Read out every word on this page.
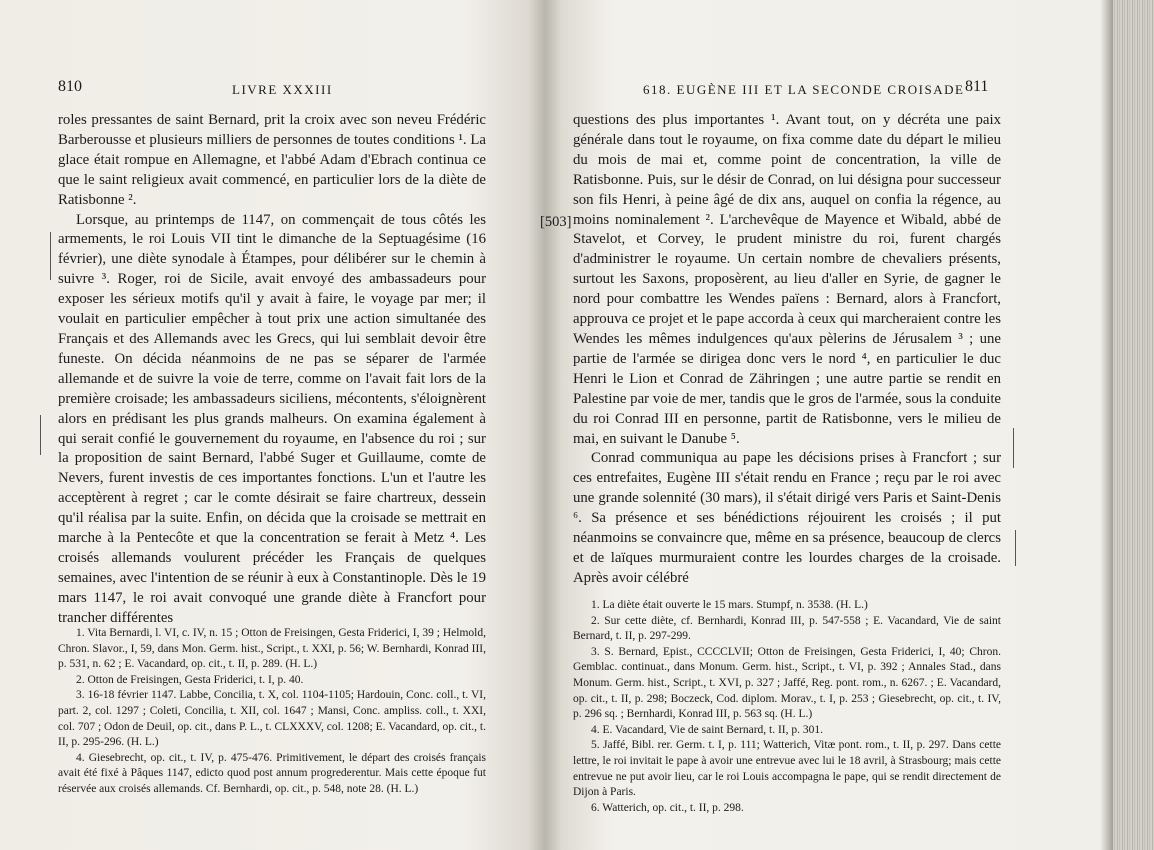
810	LIVRE XXXIII

roles pressantes de saint Bernard, prit la croix avec son neveu Frédéric Barberousse et plusieurs milliers de personnes de toutes conditions ¹. La glace était rompue en Allemagne, et l'abbé Adam d'Ebrach continua ce que le saint religieux avait commencé, en particulier lors de la diète de Ratisbonne ².

Lorsque, au printemps de 1147, on commençait de tous côtés les armements, le roi Louis VII tint le dimanche de la Septuagésime (16 février), une diète synodale à Étampes, pour délibérer sur le chemin à suivre ³. Roger, roi de Sicile, avait envoyé des ambassadeurs pour exposer les sérieux motifs qu'il y avait à faire, le voyage par mer; il voulait en particulier empêcher à tout prix une action simultanée des Français et des Allemands avec les Grecs, qui lui semblait devoir être funeste. On décida néanmoins de ne pas se séparer de l'armée allemande et de suivre la voie de terre, comme on l'avait fait lors de la première croisade; les ambassadeurs siciliens, mécontents, s'éloignèrent alors en prédisant les plus grands malheurs. On examina également à qui serait confié le gouvernement du royaume, en l'absence du roi ; sur la proposition de saint Bernard, l'abbé Suger et Guillaume, comte de Nevers, furent investis de ces importantes fonctions. L'un et l'autre les acceptèrent à regret ; car le comte désirait se faire chartreux, dessein qu'il réalisa par la suite. Enfin, on décida que la croisade se mettrait en marche à la Pentecôte et que la concentration se ferait à Metz ⁴. Les croisés allemands voulurent précéder les Français de quelques semaines, avec l'intention de se réunir à eux à Constantinople. Dès le 19 mars 1147, le roi avait convoqué une grande diète à Francfort pour trancher différentes

1. Vita Bernardi, l. VI, c. IV, n. 15 ; Otton de Freisingen, Gesta Friderici, I, 39 ; Helmold, Chron. Slavor., I, 59, dans Mon. Germ. hist., Script., t. XXI, p. 56; W. Bernhardi, Konrad III, p. 531, n. 62 ; E. Vacandard, op. cit., t. II, p. 289. (H. L.)

2. Otton de Freisingen, Gesta Friderici, t. I, p. 40.

3. 16-18 février 1147. Labbe, Concilia, t. X, col. 1104-1105; Hardouin, Conc. coll., t. VI, part. 2, col. 1297 ; Coleti, Concilia, t. XII, col. 1647 ; Mansi, Conc. ampliss. coll., t. XXI, col. 707 ; Odon de Deuil, op. cit., dans P. L., t. CLXXXV, col. 1208; E. Vacandard, op. cit., t. II, p. 295-296. (H. L.)

4. Giesebrecht, op. cit., t. IV, p. 475-476. Primitivement, le départ des croisés français avait été fixé à Pâques 1147, edicto quod post annum progrederentur. Mais cette époque fut réservée aux croisés allemands. Cf. Bernhardi, op. cit., p. 548, note 28. (H. L.)

618. EUGÈNE III ET LA SECONDE CROISADE 811
[503]

questions des plus importantes ¹. Avant tout, on y décréta une paix générale dans tout le royaume, on fixa comme date du départ le milieu du mois de mai et, comme point de concentration, la ville de Ratisbonne. Puis, sur le désir de Conrad, on lui désigna pour successeur son fils Henri, à peine âgé de dix ans, auquel on confia la régence, au moins nominalement ². L'archevêque de Mayence et Wibald, abbé de Stavelot, et Corvey, le prudent ministre du roi, furent chargés d'administrer le royaume. Un certain nombre de chevaliers présents, surtout les Saxons, proposèrent, au lieu d'aller en Syrie, de gagner le nord pour combattre les Wendes païens : Bernard, alors à Francfort, approuva ce projet et le pape accorda à ceux qui marcheraient contre les Wendes les mêmes indulgences qu'aux pèlerins de Jérusalem ³ ; une partie de l'armée se dirigea donc vers le nord ⁴, en particulier le duc Henri le Lion et Conrad de Zähringen ; une autre partie se rendit en Palestine par voie de mer, tandis que le gros de l'armée, sous la conduite du roi Conrad III en personne, partit de Ratisbonne, vers le milieu de mai, en suivant le Danube ⁵.

Conrad communiqua au pape les décisions prises à Francfort ; sur ces entrefaites, Eugène III s'était rendu en France ; reçu par le roi avec une grande solennité (30 mars), il s'était dirigé vers Paris et Saint-Denis ⁶. Sa présence et ses bénédictions réjouirent les croisés ; il put néanmoins se convaincre que, même en sa présence, beaucoup de clercs et de laïques murmuraient contre les lourdes charges de la croisade. Après avoir célébré

1. La diète était ouverte le 15 mars. Stumpf, n. 3538. (H. L.)

2. Sur cette diète, cf. Bernhardi, Konrad III, p. 547-558 ; E. Vacandard, Vie de saint Bernard, t. II, p. 297-299.

3. S. Bernard, Epist., CCCCLVII; Otton de Freisingen, Gesta Friderici, I, 40; Chron. Gemblac. continuat., dans Monum. Germ. hist., Script., t. VI, p. 392 ; Annales Stad., dans Monum. Germ. hist., Script., t. XVI, p. 327 ; Jaffé, Reg. pont. rom., n. 6267. ; E. Vacandard, op. cit., t. II, p. 298; Boczeck, Cod. diplom. Morav., t. I, p. 253 ; Giesebrecht, op. cit., t. IV, p. 296 sq. ; Bernhardi, Konrad III, p. 563 sq. (H. L.)

4. E. Vacandard, Vie de saint Bernard, t. II, p. 301.

5. Jaffé, Bibl. rer. Germ. t. I, p. 111; Watterich, Vitæ pont. rom., t. II, p. 297. Dans cette lettre, le roi invitait le pape à avoir une entrevue avec lui le 18 avril, à Strasbourg; mais cette entrevue ne put avoir lieu, car le roi Louis accompagna le pape, qui se rendit directement de Dijon à Paris.

6. Watterich, op. cit., t. II, p. 298.
